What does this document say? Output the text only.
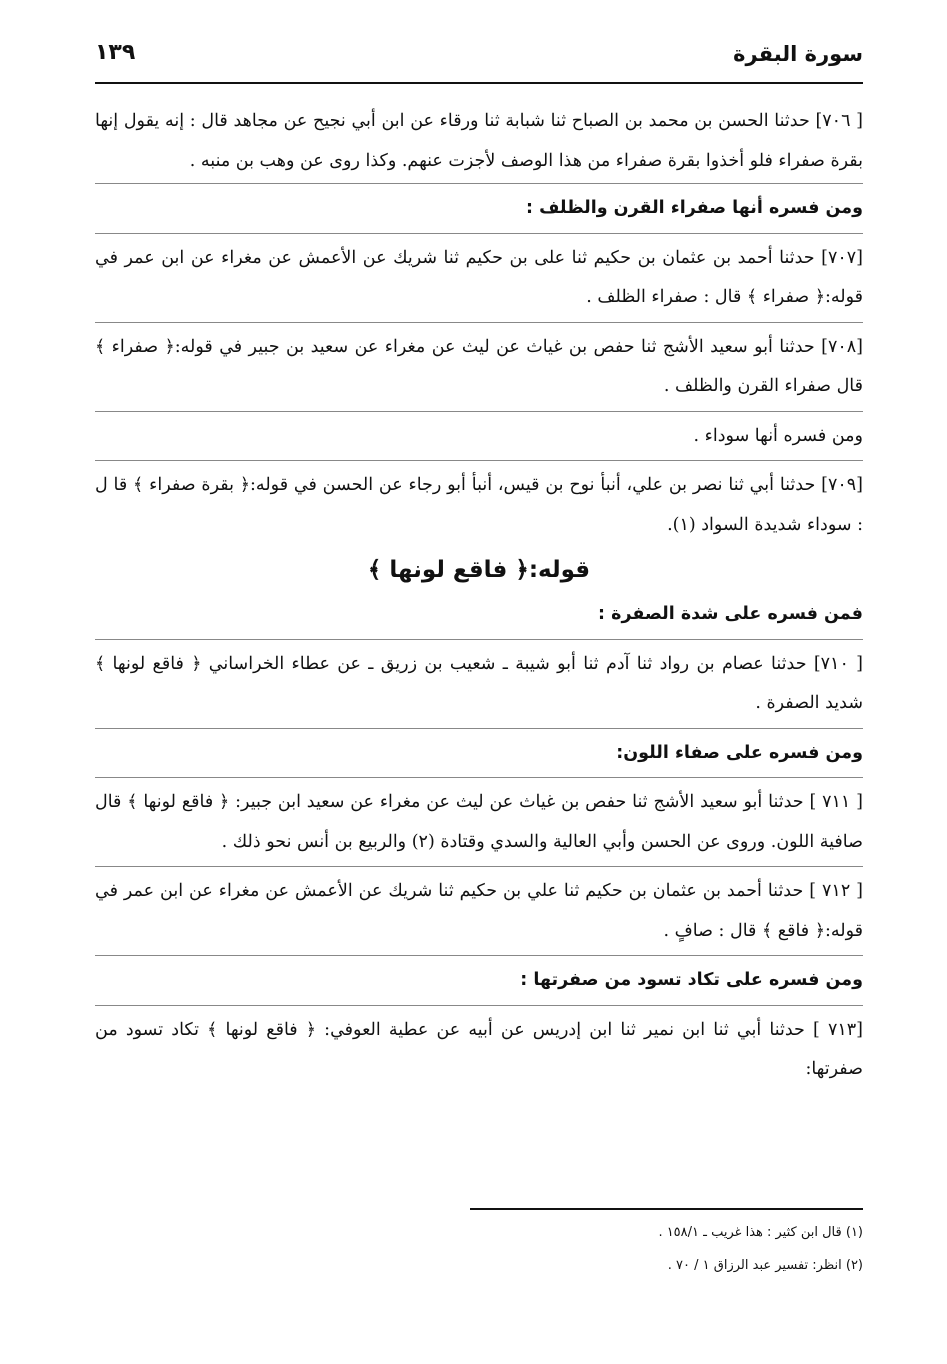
سورة البقرة
١٣٩

[ ٧٠٦] حدثنا الحسن بن محمد بن الصباح ثنا شبابة ثنا ورقاء عن ابن أبي نجيح عن مجاهد قال : إنه يقول إنها بقرة صفراء فلو أخذوا بقرة صفراء من هذا الوصف لأجزت عنهم. وكذا روى عن وهب بن منبه .

ومن فسره أنها صفراء القرن والظلف :

[٧٠٧] حدثنا أحمد بن عثمان بن حكيم ثنا على بن حكيم ثنا شريك عن الأعمش عن مغراء عن ابن عمر في قوله:﴿ صفراء ﴾ قال : صفراء الظلف .

[٧٠٨] حدثنا أبو سعيد الأشج ثنا حفص بن غياث عن ليث عن مغراء عن سعيد بن جبير في قوله:﴿ صفراء ﴾ قال صفراء القرن والظلف .

ومن فسره أنها سوداء .

[٧٠٩] حدثنا أبي ثنا نصر بن علي، أنبأ نوح بن قيس، أنبأ أبو رجاء عن الحسن في قوله:﴿ بقرة صفراء ﴾ قا ل : سوداء شديدة السواد (١).

قوله:﴿ فاقع لونها ﴾

فمن فسره على شدة الصفرة :

[ ٧١٠] حدثنا عصام بن رواد ثنا آدم ثنا أبو شيبة ـ شعيب بن زريق ـ عن عطاء الخراساني ﴿ فاقع لونها ﴾ شديد الصفرة .

ومن فسره على صفاء اللون:

[ ٧١١ ] حدثنا أبو سعيد الأشج ثنا حفص بن غياث عن ليث عن مغراء عن سعيد ابن جبير: ﴿ فاقع لونها ﴾ قال صافية اللون. وروى عن الحسن وأبي العالية والسدي وقتادة (٢) والربيع بن أنس نحو ذلك .

[ ٧١٢ ] حدثنا أحمد بن عثمان بن حكيم ثنا علي بن حكيم ثنا شريك عن الأعمش عن مغراء عن ابن عمر في قوله:﴿ فاقع ﴾ قال : صافٍ .

ومن فسره على تكاد تسود من صفرتها :

[٧١٣ ] حدثنا أبي ثنا ابن نمير ثنا ابن إدريس عن أبيه عن عطية العوفي: ﴿ فاقع لونها ﴾ تكاد تسود من صفرتها:

(١) قال ابن كثير : هذا غريب ـ ١٥٨/١ .

(٢) انظر: تفسير عبد الرزاق ١ / ٧٠ .
